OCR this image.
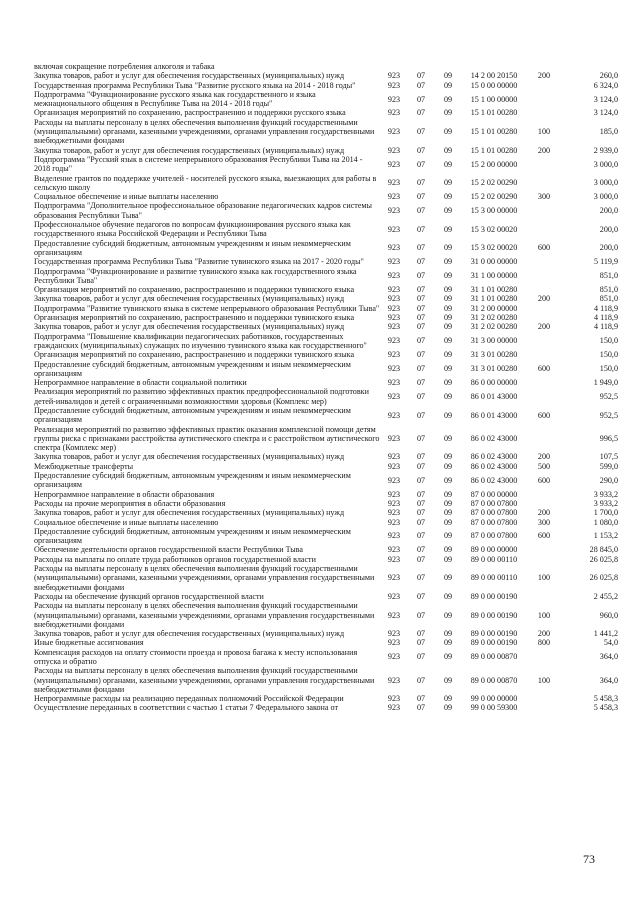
включая сокращение потребления алкоголя и табака						
Закупка товаров, работ и услуг для обеспечения государственных (муниципальных) нужд	923	07	09	14 2 00 20150	200	260,0
Государственная программа Республики Тыва "Развитие русского языка на 2014 - 2018 годы"	923	07	09	15 0 00 00000		6 324,0
Подпрограмма "Функционирование русского языка как государственного и языка межнационального общения в Республике Тыва на 2014 - 2018 годы"	923	07	09	15 1 00 00000		3 124,0
Организация мероприятий по сохранению, распространению и поддержки русского языка	923	07	09	15 1 01 00280		3 124,0
Расходы на выплаты персоналу в целях обеспечения выполнения функций государственными (муниципальными) органами, казенными учреждениями, органами управления государственными внебюджетными фондами	923	07	09	15 1 01 00280	100	185,0
Закупка товаров, работ и услуг для обеспечения государственных (муниципальных) нужд	923	07	09	15 1 01 00280	200	2 939,0
Подпрограмма "Русский язык в системе непрерывного образования Республики Тыва на 2014 - 2018 годы"	923	07	09	15 2 00 00000		3 000,0
Выделение грантов по поддержке учителей - носителей русского языка, выезжающих для работы в сельскую школу	923	07	09	15 2 02 00290		3 000,0
Социальное обеспечение и иные выплаты населению	923	07	09	15 2 02 00290	300	3 000,0
Подпрограмма "Дополнительное профессиональное образование педагогических кадров системы образования Республики Тыва"	923	07	09	15 3 00 00000		200,0
Профессиональное обучение педагогов по вопросам функционирования русского языка как государственного языка Российской Федерации и Республики Тыва	923	07	09	15 3 02 00020		200,0
Предоставление субсидий бюджетным, автономным учреждениям и иным некоммерческим организациям	923	07	09	15 3 02 00020	600	200,0
Государственная программа Республики Тыва "Развитие тувинского языка на 2017 - 2020 годы"	923	07	09	31 0 00 00000		5 119,9
Подпрограмма "Функционирование и развитие тувинского языка как государственного языка Республики Тыва"	923	07	09	31 1 00 00000		851,0
Организация мероприятий по сохранению, распространению и поддержки тувинского языка	923	07	09	31 1 01 00280		851,0
Закупка товаров, работ и услуг для обеспечения государственных (муниципальных) нужд	923	07	09	31 1 01 00280	200	851,0
Подпрограмма "Развитие тувинского языка в системе непрерывного образования Республики Тыва"	923	07	09	31 2 00 00000		4 118,9
Организация мероприятий по сохранению, распространению и поддержки тувинского языка	923	07	09	31 2 02 00280		4 118,9
Закупка товаров, работ и услуг для обеспечения государственных (муниципальных) нужд	923	07	09	31 2 02 00280	200	4 118,9
Подпрограмма "Повышение квалификации педагогических работников, государственных гражданских (муниципальных) служащих по изучению тувинского языка как государственного"	923	07	09	31 3 00 00000		150,0
Организация мероприятий по сохранению, распространению и поддержки тувинского языка	923	07	09	31 3 01 00280		150,0
Предоставление субсидий бюджетным, автономным учреждениям и иным некоммерческим организациям	923	07	09	31 3 01 00280	600	150,0
Непрограммное направление в области социальной политики	923	07	09	86 0 00 00000		1 949,0
Реализация мероприятий по развитию эффективных практик предпрофессиональной подготовки детей-инвалидов и детей с ограниченными возможностями здоровья (Комплекс мер)	923	07	09	86 0 01 43000		952,5
Предоставление субсидий бюджетным, автономным учреждениям и иным некоммерческим организациям	923	07	09	86 0 01 43000	600	952,5
Реализация мероприятий по развитию эффективных практик оказания комплексной помощи детям группы риска с признаками расстройства аутистического спектра и с расстройством аутистического спектра (Комплекс мер)	923	07	09	86 0 02 43000		996,5
Закупка товаров, работ и услуг для обеспечения государственных (муниципальных) нужд	923	07	09	86 0 02 43000	200	107,5
Межбюджетные трансферты	923	07	09	86 0 02 43000	500	599,0
Предоставление субсидий бюджетным, автономным учреждениям и иным некоммерческим организациям	923	07	09	86 0 02 43000	600	290,0
Непрограммное направление в области образования	923	07	09	87 0 00 00000		3 933,2
Расходы на прочие мероприятия в области образования	923	07	09	87 0 00 07800		3 933,2
Закупка товаров, работ и услуг для обеспечения государственных (муниципальных) нужд	923	07	09	87 0 00 07800	200	1 700,0
Социальное обеспечение и иные выплаты населению	923	07	09	87 0 00 07800	300	1 080,0
Предоставление субсидий бюджетным, автономным учреждениям и иным некоммерческим организациям	923	07	09	87 0 00 07800	600	1 153,2
Обеспечение деятельности органов государственной власти Республики Тыва	923	07	09	89 0 00 00000		28 845,0
Расходы на выплаты по оплате труда работников органов государственной власти	923	07	09	89 0 00 00110		26 025,8
Расходы на выплаты персоналу в целях обеспечения выполнения функций государственными (муниципальными) органами, казенными учреждениями, органами управления государственными внебюджетными фондами	923	07	09	89 0 00 00110	100	26 025,8
Расходы на обеспечение функций органов государственной власти	923	07	09	89 0 00 00190		2 455,2
Расходы на выплаты персоналу в целях обеспечения выполнения функций государственными (муниципальными) органами, казенными учреждениями, органами управления государственными внебюджетными фондами	923	07	09	89 0 00 00190	100	960,0
Закупка товаров, работ и услуг для обеспечения государственных (муниципальных) нужд	923	07	09	89 0 00 00190	200	1 441,2
Иные бюджетные ассигнования	923	07	09	89 0 00 00190	800	54,0
Компенсация расходов на оплату стоимости проезда и провоза багажа к месту использования отпуска и обратно	923	07	09	89 0 00 00870		364,0
Расходы на выплаты персоналу в целях обеспечения выполнения функций государственными (муниципальными) органами, казенными учреждениями, органами управления государственными внебюджетными фондами	923	07	09	89 0 00 00870	100	364,0
Непрограммные расходы на реализацию переданных полномочий Российской Федерации	923	07	09	99 0 00 00000		5 458,3
Осуществление переданных в соответствии с частью 1 статьи 7 Федерального закона от	923	07	09	99 0 00 59300		5 458,3
73
